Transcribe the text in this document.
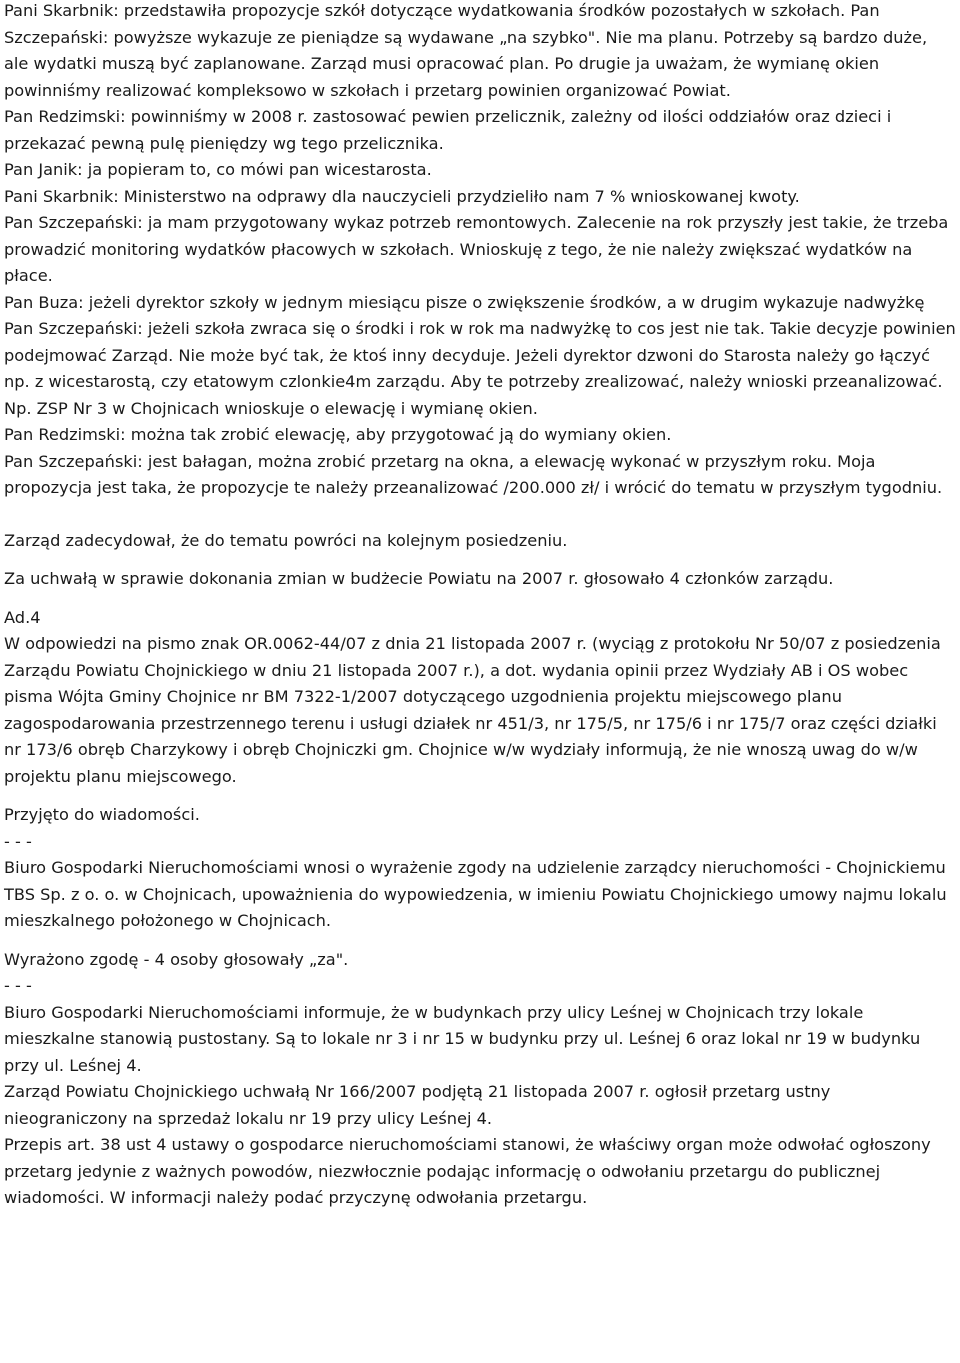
Pani Skarbnik: przedstawiła propozycje szkół dotyczące wydatkowania środków pozostałych w szkołach. Pan Szczepański: powyższe wykazuje ze pieniądze są wydawane „na szybko". Nie ma planu. Potrzeby są bardzo duże, ale wydatki muszą być zaplanowane. Zarząd musi opracować plan. Po drugie ja uważam, że wymianę okien powinniśmy realizować kompleksowo w szkołach i przetarg powinien organizować Powiat.

Pan Redzimski: powinniśmy w 2008 r. zastosować pewien przelicznik, zależny od ilości oddziałów oraz dzieci i przekazać pewną pulę pieniędzy wg tego przelicznika.

Pan Janik: ja popieram to, co mówi pan wicestarosta.

Pani Skarbnik: Ministerstwo na odprawy dla nauczycieli przydzieliło nam 7 % wnioskowanej kwoty.

Pan Szczepański: ja mam przygotowany wykaz potrzeb remontowych. Zalecenie na rok przyszły jest takie, że trzeba prowadzić monitoring wydatków płacowych w szkołach. Wnioskuję z tego, że nie należy zwiększać wydatków na płace.

Pan Buza: jeżeli dyrektor szkoły w jednym miesiącu pisze o zwiększenie środków, a w drugim wykazuje nadwyżkę

Pan Szczepański: jeżeli szkoła zwraca się o środki i rok w rok ma nadwyżkę to cos jest nie tak. Takie decyzje powinien podejmować Zarząd. Nie może być tak, że ktoś inny decyduje. Jeżeli dyrektor dzwoni do Starosta należy go łączyć np. z wicestarostą, czy etatowym czlonkie4m zarządu. Aby te potrzeby zrealizować, należy wnioski przeanalizować. Np. ZSP Nr 3 w Chojnicach wnioskuje o elewację i wymianę okien.

Pan Redzimski: można tak zrobić elewację, aby przygotować ją do wymiany okien.

Pan Szczepański: jest bałagan, można zrobić przetarg na okna, a elewację wykonać w przyszłym roku. Moja propozycja jest taka, że propozycje te należy przeanalizować /200.000 zł/ i wrócić do tematu w przyszłym tygodniu.

Zarząd zadecydował, że do tematu powróci na kolejnym posiedzeniu.

Za uchwałą w sprawie dokonania zmian w budżecie Powiatu na 2007 r. głosowało 4 członków zarządu.

Ad.4

W odpowiedzi na pismo znak OR.0062-44/07 z dnia 21 listopada 2007 r. (wyciąg z protokołu Nr 50/07 z posiedzenia Zarządu Powiatu Chojnickiego w dniu 21 listopada 2007 r.), a dot. wydania opinii przez Wydziały AB i OS wobec pisma Wójta Gminy Chojnice nr BM 7322-1/2007 dotyczącego uzgodnienia projektu miejscowego planu zagospodarowania przestrzennego terenu i usługi działek nr 451/3, nr 175/5, nr 175/6 i nr 175/7 oraz części działki nr 173/6 obręb Charzykowy i obręb Chojniczki gm. Chojnice w/w wydziały informują, że nie wnoszą uwag do w/w projektu planu miejscowego.

Przyjęto do wiadomości.

- - -

Biuro Gospodarki Nieruchomościami wnosi o wyrażenie zgody na udzielenie zarządcy nieruchomości - Chojnickiemu TBS Sp. z o. o. w Chojnicach, upoważnienia do wypowiedzenia, w imieniu Powiatu Chojnickiego umowy najmu lokalu mieszkalnego położonego w Chojnicach.

Wyrażono zgodę - 4 osoby głosowały „za".

- - -

Biuro Gospodarki Nieruchomościami informuje, że w budynkach przy ulicy Leśnej w Chojnicach trzy lokale mieszkalne stanowią pustostany. Są to lokale nr 3 i nr 15 w budynku przy ul. Leśnej 6 oraz lokal nr 19 w budynku przy ul. Leśnej 4.

Zarząd Powiatu Chojnickiego uchwałą Nr 166/2007 podjętą 21 listopada 2007 r. ogłosił przetarg ustny nieograniczony na sprzedaż lokalu nr 19 przy ulicy Leśnej 4.

Przepis art. 38 ust 4 ustawy o gospodarce nieruchomościami stanowi, że właściwy organ może odwołać ogłoszony przetarg jedynie z ważnych powodów, niezwłocznie podając informację o odwołaniu przetargu do publicznej wiadomości. W informacji należy podać przyczynę odwołania przetargu.
